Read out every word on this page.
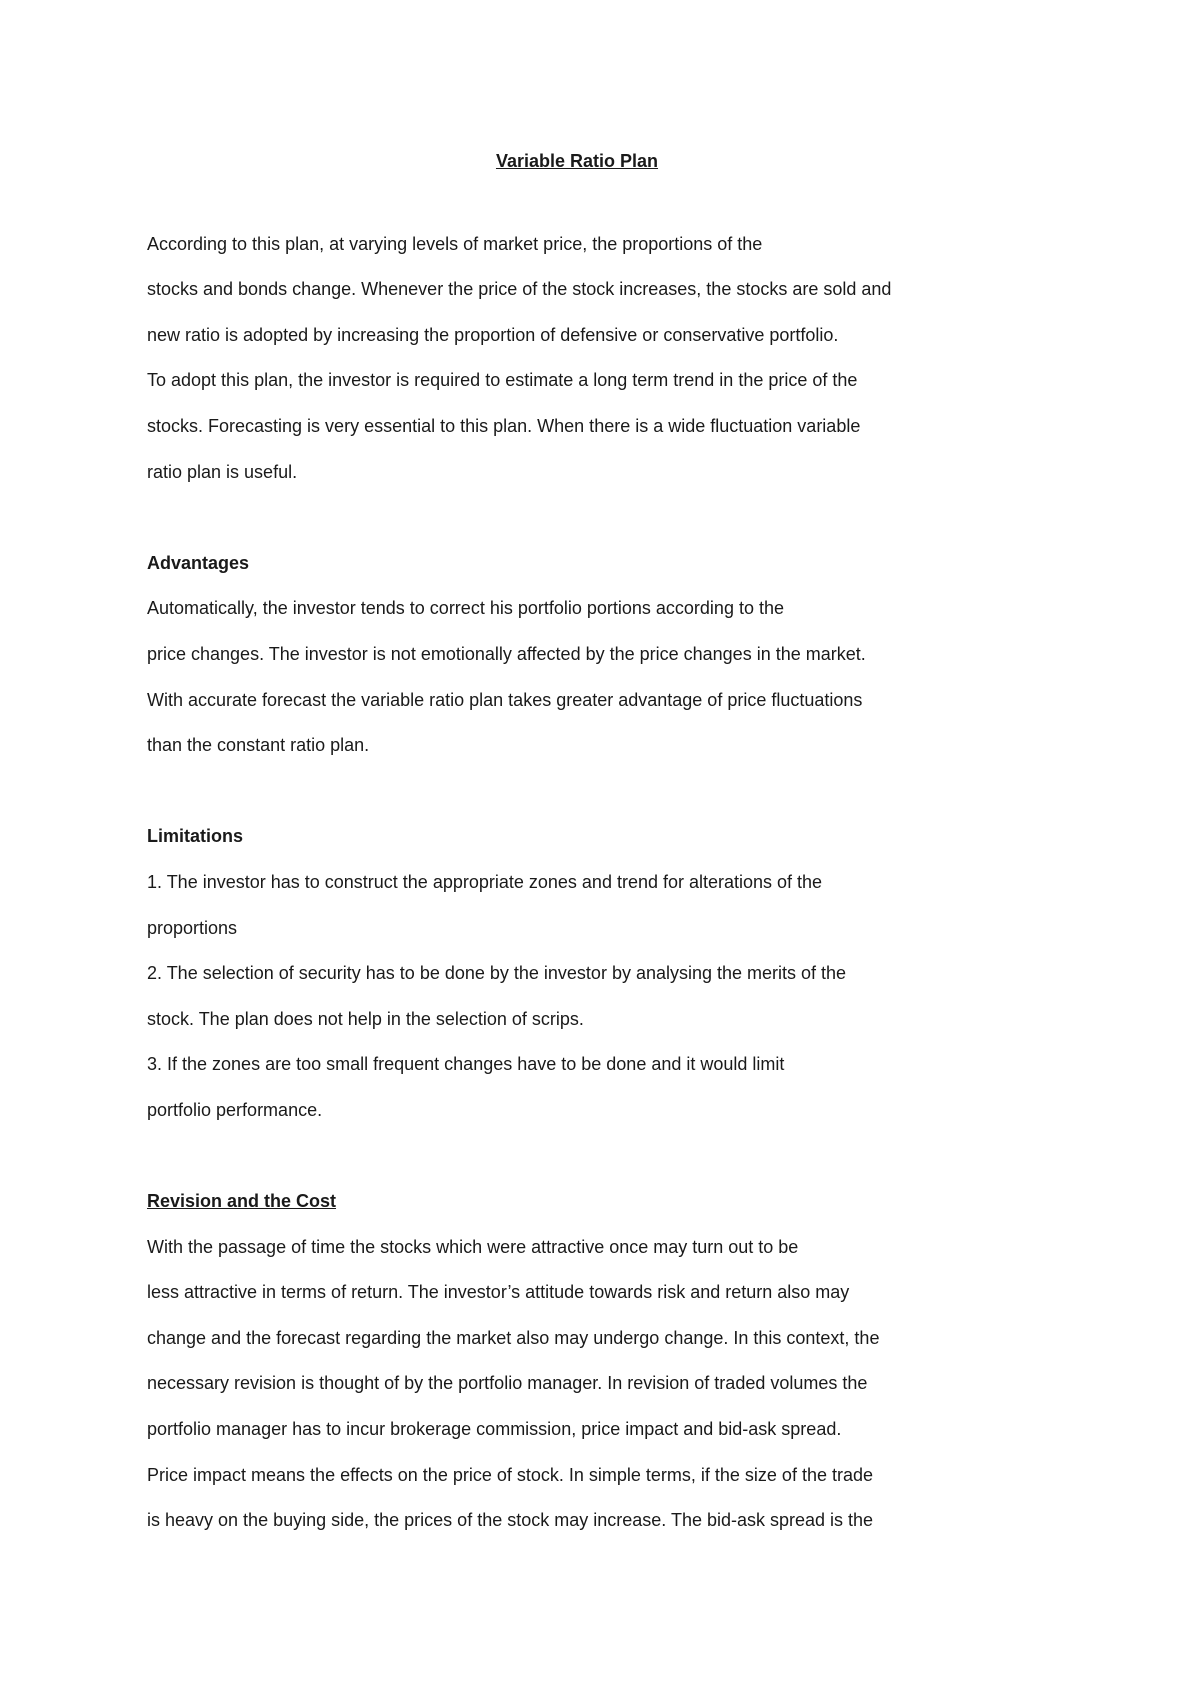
Variable Ratio Plan
According to this plan, at varying levels of market price, the proportions of the
stocks and bonds change. Whenever the price of the stock increases, the stocks are sold and
new ratio is adopted by increasing the proportion of defensive or conservative portfolio.
To adopt this plan, the investor is required to estimate a long term trend in the price of the
stocks. Forecasting is very essential to this plan. When there is a wide fluctuation variable
ratio plan is useful.
Advantages
Automatically, the investor tends to correct his portfolio portions according to the
price changes. The investor is not emotionally affected by the price changes in the market.
With accurate forecast the variable ratio plan takes greater advantage of price fluctuations
than the constant ratio plan.
Limitations
1. The investor has to construct the appropriate zones and trend for alterations of the
proportions
2. The selection of security has to be done by the investor by analysing the merits of the
stock. The plan does not help in the selection of scrips.
3. If the zones are too small frequent changes have to be done and it would limit
portfolio performance.
Revision and the Cost
With the passage of time the stocks which were attractive once may turn out to be
less attractive in terms of return. The investor’s attitude towards risk and return also may
change and the forecast regarding the market also may undergo change. In this context, the
necessary revision is thought of by the portfolio manager. In revision of traded volumes the
portfolio manager has to incur brokerage commission, price impact and bid-ask spread.
Price impact means the effects on the price of stock. In simple terms, if the size of the trade
is heavy on the buying side, the prices of the stock may increase. The bid-ask spread is the
